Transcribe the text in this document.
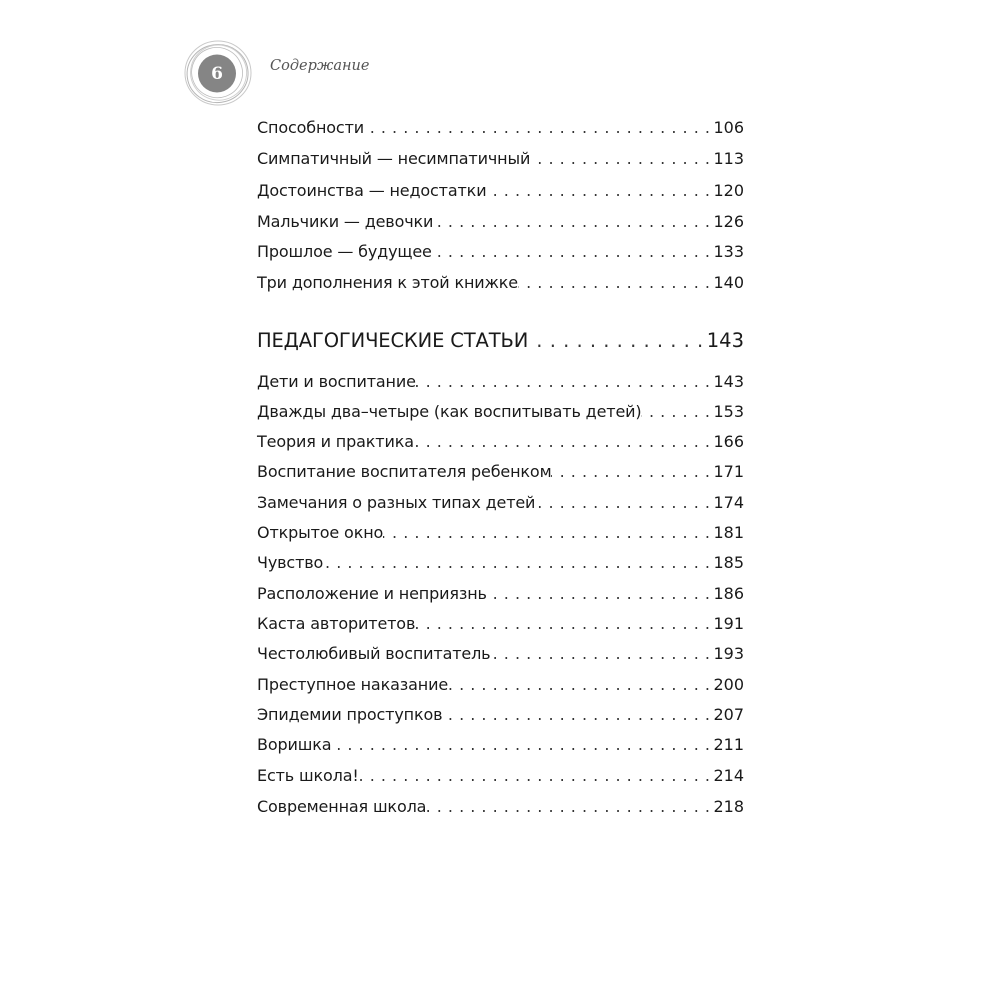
6	Содержание
Способности . . .	106
Симпатичный — несимпатичный . . .	113
Достоинства — недостатки . . .	120
Мальчики — девочки . . .	126
Прошлое — будущее . . .	133
Три дополнения к этой книжке . . .	140
ПЕДАГОГИЧЕСКИЕ СТАТЬИ . . .	143
Дети и воспитание . . .	143
Дважды два–четыре (как воспитывать детей) . . .	153
Теория и практика . . .	166
Воспитание воспитателя ребенком . . .	171
Замечания о разных типах детей . . .	174
Открытое окно . . .	181
Чувство . . .	185
Расположение и неприязнь . . .	186
Каста авторитетов . . .	191
Честолюбивый воспитатель . . .	193
Преступное наказание . . .	200
Эпидемии проступков . . .	207
Воришка . . .	211
Есть школа! . . .	214
Современная школа . . .	218
